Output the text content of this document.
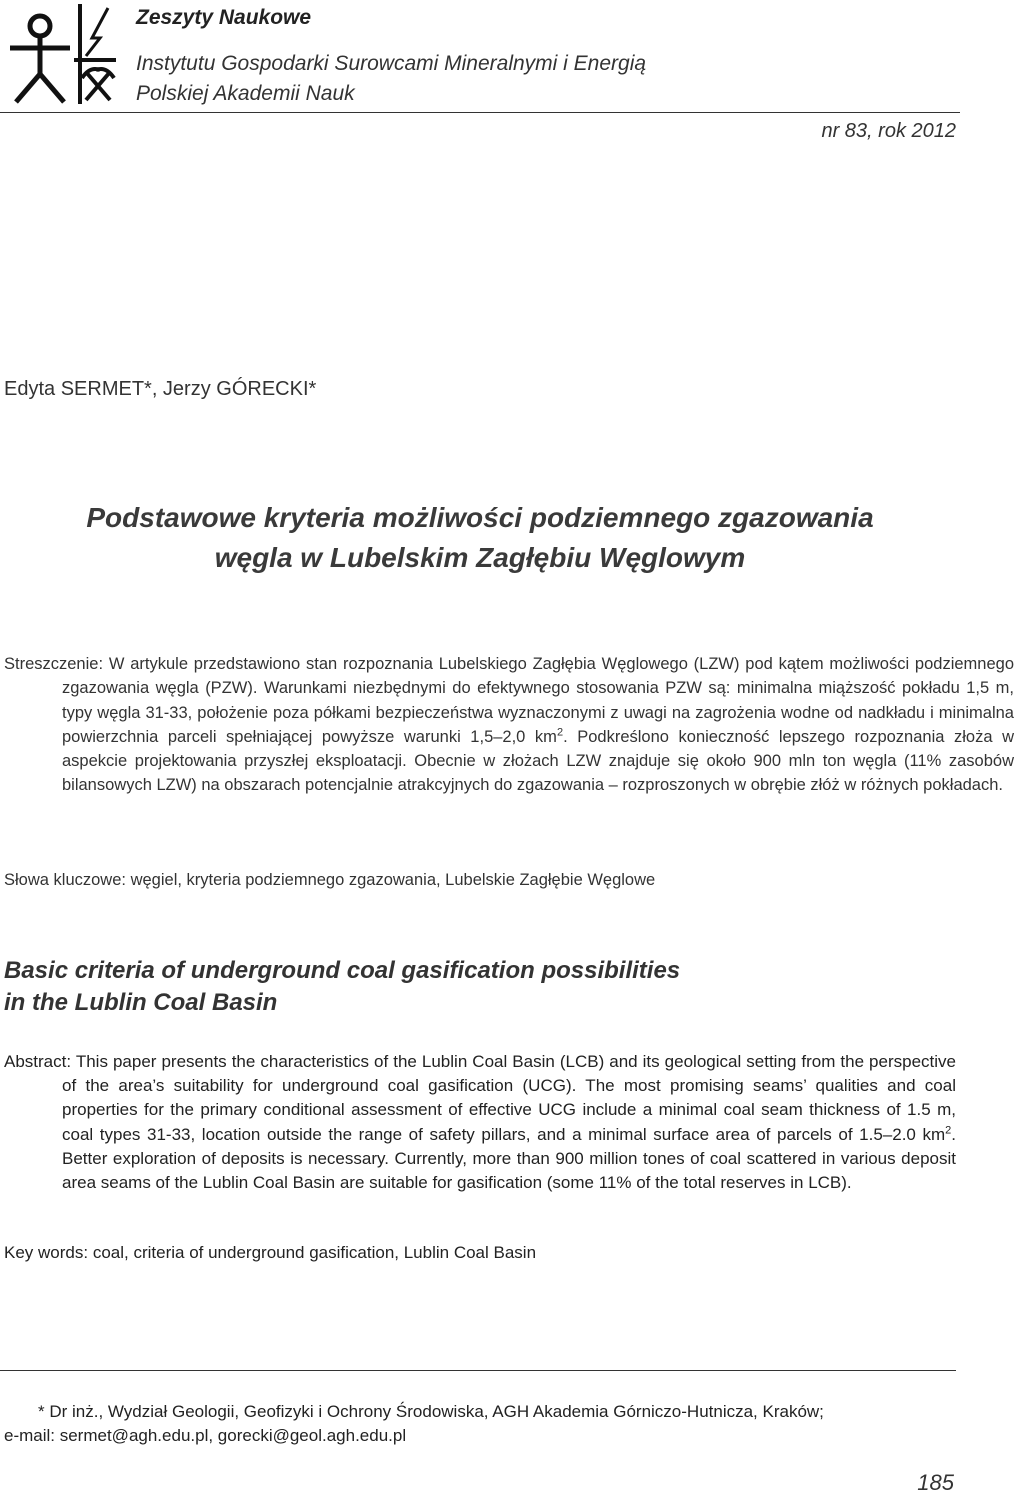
Zeszyty Naukowe
Instytutu Gospodarki Surowcami Mineralnymi i Energią
Polskiej Akademii Nauk
nr 83, rok 2012
Edyta SERMET*, Jerzy GÓRECKI*
Podstawowe kryteria możliwości podziemnego zgazowania
węgla w Lubelskim Zagłębiu Węglowym
Streszczenie: W artykule przedstawiono stan rozpoznania Lubelskiego Zagłębia Węglowego (LZW) pod kątem możliwości podziemnego zgazowania węgla (PZW). Warunkami niezbędnymi do efektywnego stosowania PZW są: minimalna miąższość pokładu 1,5 m, typy węgla 31-33, położenie poza półkami bezpieczeństwa wyznaczonymi z uwagi na zagrożenia wodne od nadkładu i minimalna powierzchnia parceli spełniającej powyższe warunki 1,5–2,0 $km^2$. Podkreślono konieczność lepszego rozpoznania złoża w aspekcie projektowania przyszłej eksploatacji. Obecnie w złożach LZW znajduje się około 900 mln ton węgla (11% zasobów bilansowych LZW) na obszarach potencjalnie atrakcyjnych do zgazowania – rozproszonych w obrębie złóż w różnych pokładach.
Słowa kluczowe: węgiel, kryteria podziemnego zgazowania, Lubelskie Zagłębie Węglowe
Basic criteria of underground coal gasification possibilities
in the Lublin Coal Basin
Abstract: This paper presents the characteristics of the Lublin Coal Basin (LCB) and its geological setting from the perspective of the area’s suitability for underground coal gasification (UCG). The most promising seams’ qualities and coal properties for the primary conditional assessment of effective UCG include a minimal coal seam thickness of 1.5 m, coal types 31-33, location outside the range of safety pillars, and a minimal surface area of parcels of 1.5–2.0 $km^2$. Better exploration of deposits is necessary. Currently, more than 900 million tones of coal scattered in various deposit area seams of the Lublin Coal Basin are suitable for gasification (some 11% of the total reserves in LCB).
Key words: coal, criteria of underground gasification, Lublin Coal Basin
* Dr inż., Wydział Geologii, Geofizyki i Ochrony Środowiska, AGH Akademia Górniczo-Hutnicza, Kraków;
e-mail: sermet@agh.edu.pl, gorecki@geol.agh.edu.pl
185
